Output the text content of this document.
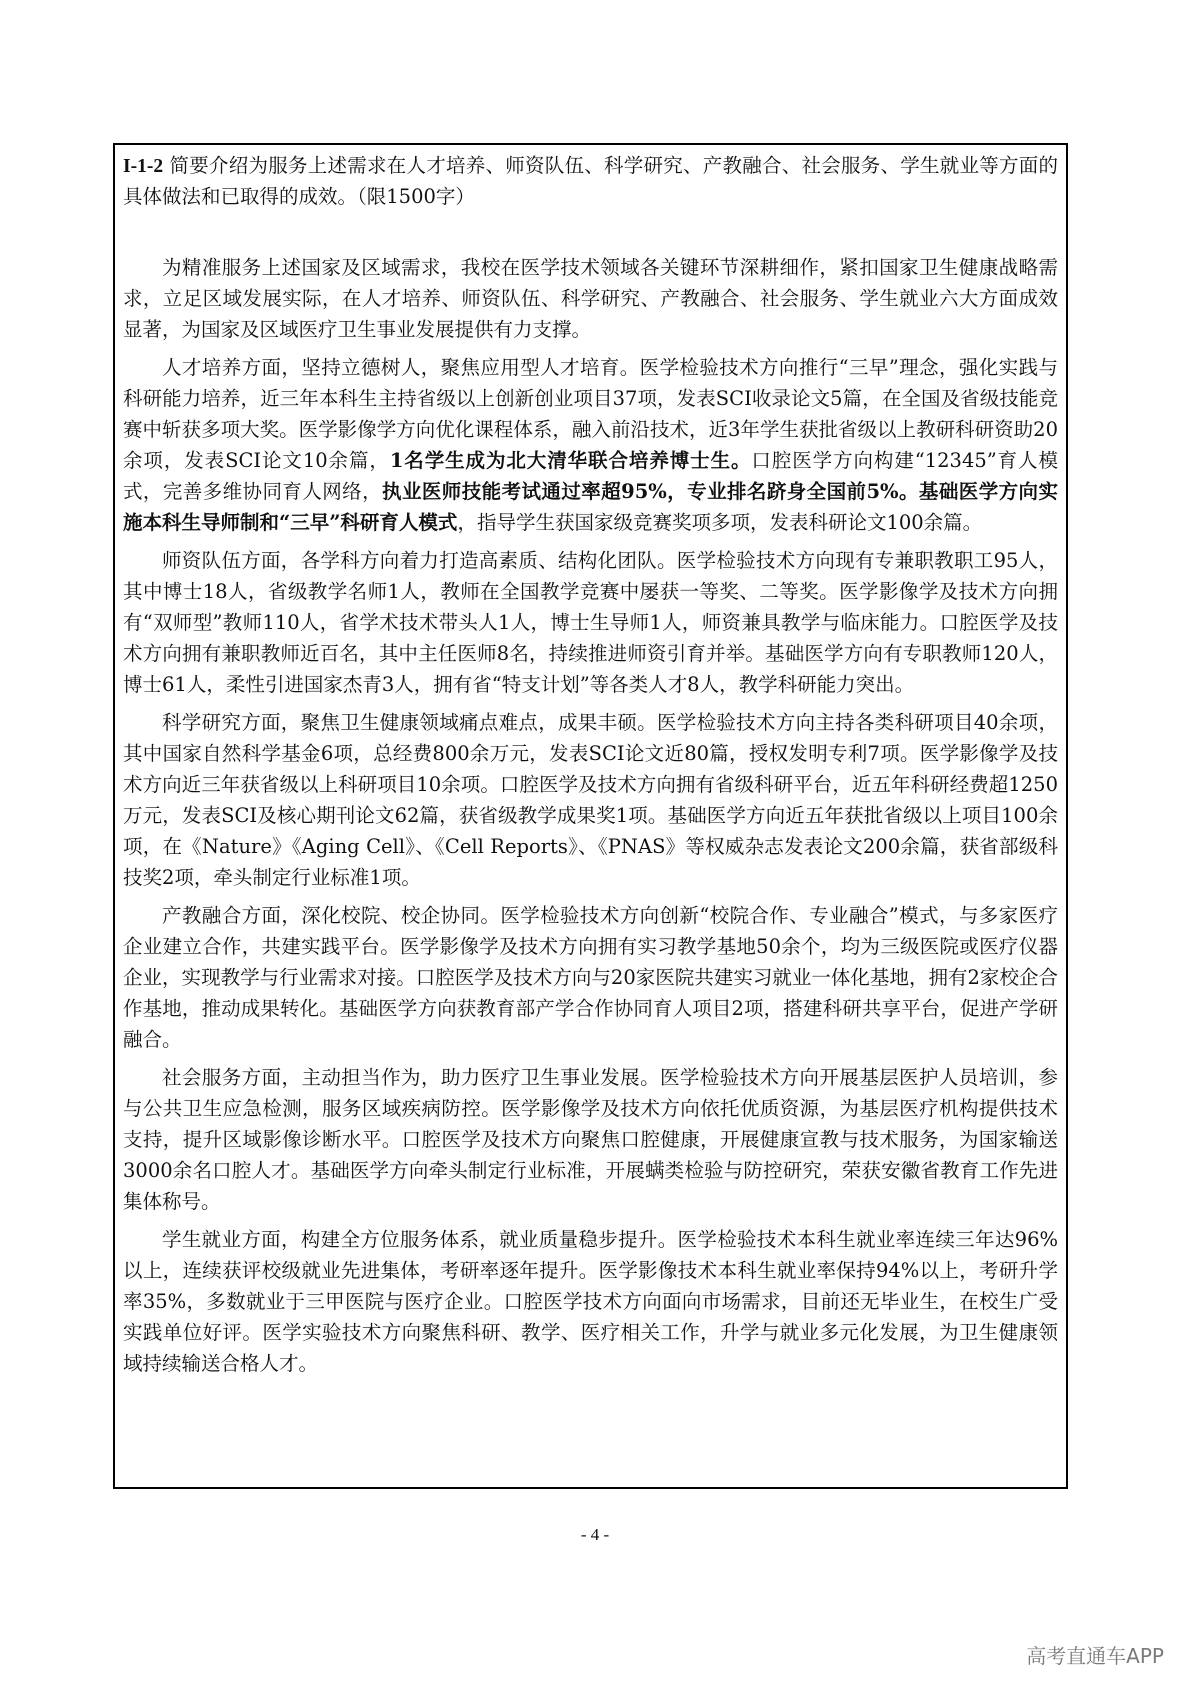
I-1-2 简要介绍为服务上述需求在人才培养、师资队伍、科学研究、产教融合、社会服务、学生就业等方面的具体做法和已取得的成效。（限1500字）

为精准服务上述国家及区域需求，我校在医学技术领域各关键环节深耕细作，紧扣国家卫生健康战略需求，立足区域发展实际，在人才培养、师资队伍、科学研究、产教融合、社会服务、学生就业六大方面成效显著，为国家及区域医疗卫生事业发展提供有力支撑。

人才培养方面，坚持立德树人，聚焦应用型人才培育。医学检验技术方向推行“三早”理念，强化实践与科研能力培养，近三年本科生主持省级以上创新创业项目37项，发表SCI收录论文5篇，在全国及省级技能竞赛中斩获多项大奖。医学影像学方向优化课程体系，融入前沿技术，近3年学生获批省级以上教研科研资助20余项，发表SCI论文10余篇，1名学生成为北大清华联合培养博士生。口腔医学方向构建“12345”育人模式，完善多维协同育人网络，执业医师技能考试通过率超95%，专业排名跻身全国前5%。基础医学方向实施本科生导师制和“三早”科研育人模式，指导学生获国家级竞赛奖项多项，发表科研论文100余篇。

师资队伍方面，各学科方向着力打造高素质、结构化团队。医学检验技术方向现有专兼职教职工95人，其中博士18人，省级教学名师1人，教师在全国教学竞赛中屡获一等奖、二等奖。医学影像学及技术方向拥有“双师型”教师110人，省学术技术带头人1人，博士生导师1人，师资兼具教学与临床能力。口腔医学及技术方向拥有兼职教师近百名，其中主任医师8名，持续推进师资引育并举。基础医学方向有专职教师120人，博士61人，柔性引进国家杰青3人，拥有省“特支计划”等各类人才8人，教学科研能力突出。

科学研究方面，聚焦卫生健康领域痛点难点，成果丰硕。医学检验技术方向主持各类科研项目40余项，其中国家自然科学基金6项，总经费800余万元，发表SCI论文近80篇，授权发明专利7项。医学影像学及技术方向近三年获省级以上科研项目10余项。口腔医学及技术方向拥有省级科研平台，近五年科研经费超1250万元，发表SCI及核心期刊论文62篇，获省级教学成果奖1项。基础医学方向近五年获批省级以上项目100余项，在《Nature》《Aging Cell》、《Cell Reports》、《PNAS》等权威杂志发表论文200余篇，获省部级科技奖2项，牵头制定行业标准1项。

产教融合方面，深化校院、校企协同。医学检验技术方向创新“校院合作、专业融合”模式，与多家医疗企业建立合作，共建实践平台。医学影像学及技术方向拥有实习教学基地50余个，均为三级医院或医疗仪器企业，实现教学与行业需求对接。口腔医学及技术方向与20家医院共建实习就业一体化基地，拥有2家校企合作基地，推动成果转化。基础医学方向获教育部产学合作协同育人项目2项，搭建科研共享平台，促进产学研融合。

社会服务方面，主动担当作为，助力医疗卫生事业发展。医学检验技术方向开展基层医护人员培训，参与公共卫生应急检测，服务区域疾病防控。医学影像学及技术方向依托优质资源，为基层医疗机构提供技术支持，提升区域影像诊断水平。口腔医学及技术方向聚焦口腔健康，开展健康宣教与技术服务，为国家输送3000余名口腔人才。基础医学方向牵头制定行业标准，开展螨类检验与防控研究，荣获安徽省教育工作先进集体称号。

学生就业方面，构建全方位服务体系，就业质量稳步提升。医学检验技术本科生就业率连续三年达96%以上，连续获评校级就业先进集体，考研率逐年提升。医学影像技术本科生就业率保持94%以上，考研升学率35%，多数就业于三甲医院与医疗企业。口腔医学技术方向面向市场需求，目前还无毕业生，在校生广受实践单位好评。医学实验技术方向聚焦科研、教学、医疗相关工作，升学与就业多元化发展，为卫生健康领域持续输送合格人才。

- 4 -
高考直通车APP
